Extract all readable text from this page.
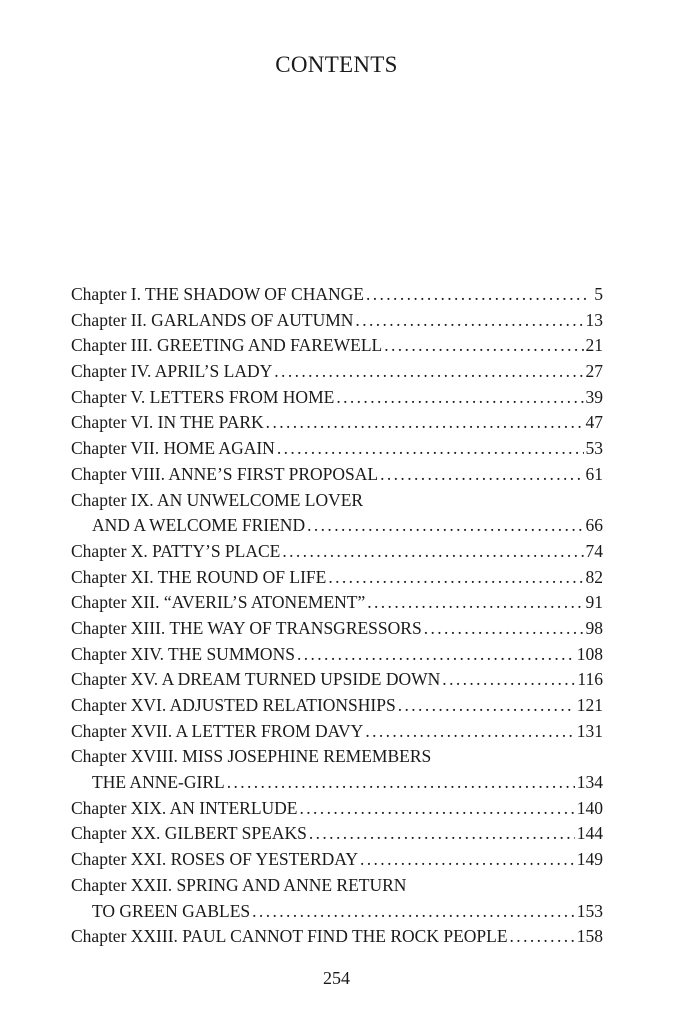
CONTENTS
Chapter I. THE SHADOW OF CHANGE .....	5
Chapter II. GARLANDS OF AUTUMN .....	13
Chapter III. GREETING AND FAREWELL .....	21
Chapter IV. APRIL’S LADY .....	27
Chapter V. LETTERS FROM HOME .....	39
Chapter VI. IN THE PARK .....	47
Chapter VII. HOME AGAIN .....	53
Chapter VIII. ANNE’S FIRST PROPOSAL .....	61
Chapter IX. AN UNWELCOME LOVER
AND A WELCOME FRIEND .....	66
Chapter X. PATTY’S PLACE .....	74
Chapter XI. THE ROUND OF LIFE .....	82
Chapter XII. “AVERIL’S ATONEMENT” .....	91
Chapter XIII. THE WAY OF TRANSGRESSORS .....	98
Chapter XIV. THE SUMMONS .....	108
Chapter XV. A DREAM TURNED UPSIDE DOWN .....	116
Chapter XVI. ADJUSTED RELATIONSHIPS .....	121
Chapter XVII. A LETTER FROM DAVY .....	131
Chapter XVIII. MISS JOSEPHINE REMEMBERS
THE ANNE-GIRL .....	134
Chapter XIX. AN INTERLUDE .....	140
Chapter XX. GILBERT SPEAKS .....	144
Chapter XXI. ROSES OF YESTERDAY .....	149
Chapter XXII. SPRING AND ANNE RETURN
TO GREEN GABLES .....	153
Chapter XXIII. PAUL CANNOT FIND THE ROCK PEOPLE .....	158
254
